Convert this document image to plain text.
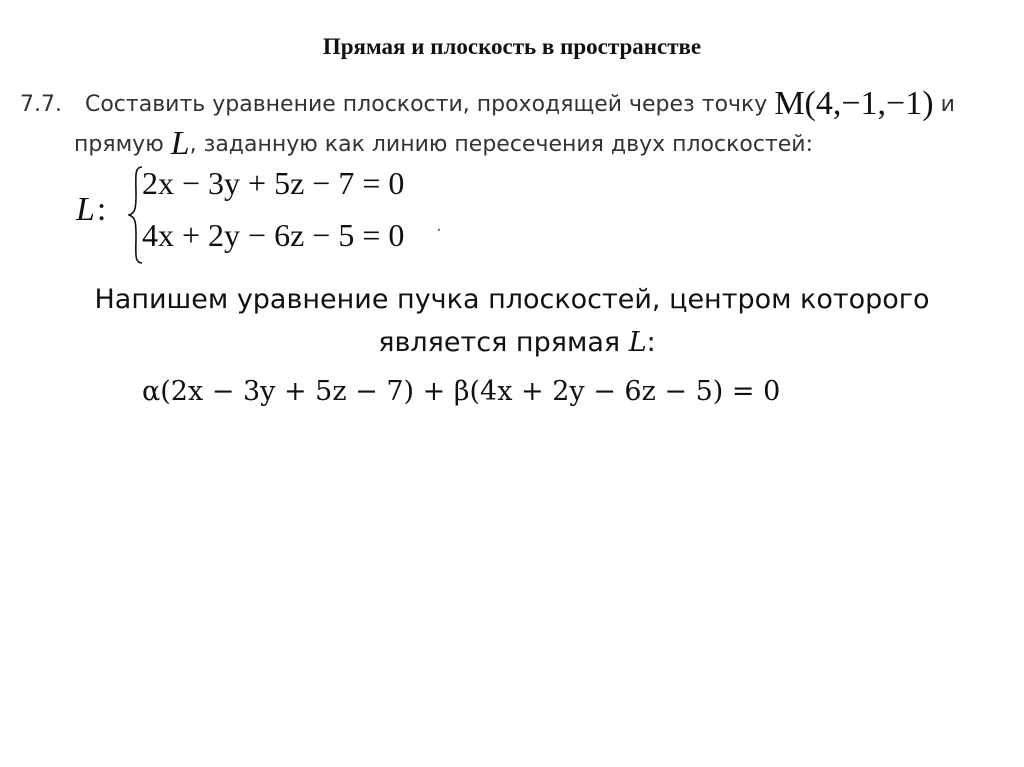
Прямая и плоскость в пространстве
7.7. Составить уравнение плоскости, проходящей через точку M(4,−1,−1) и
прямую L, заданную как линию пересечения двух плоскостей:
L:
2x − 3y + 5z − 7 = 0
4x + 2y − 6z − 5 = 0 .
Напишем уравнение пучка плоскостей, центром которого
является прямая L:
α(2x − 3y + 5z − 7) + β(4x + 2y − 6z − 5) = 0
